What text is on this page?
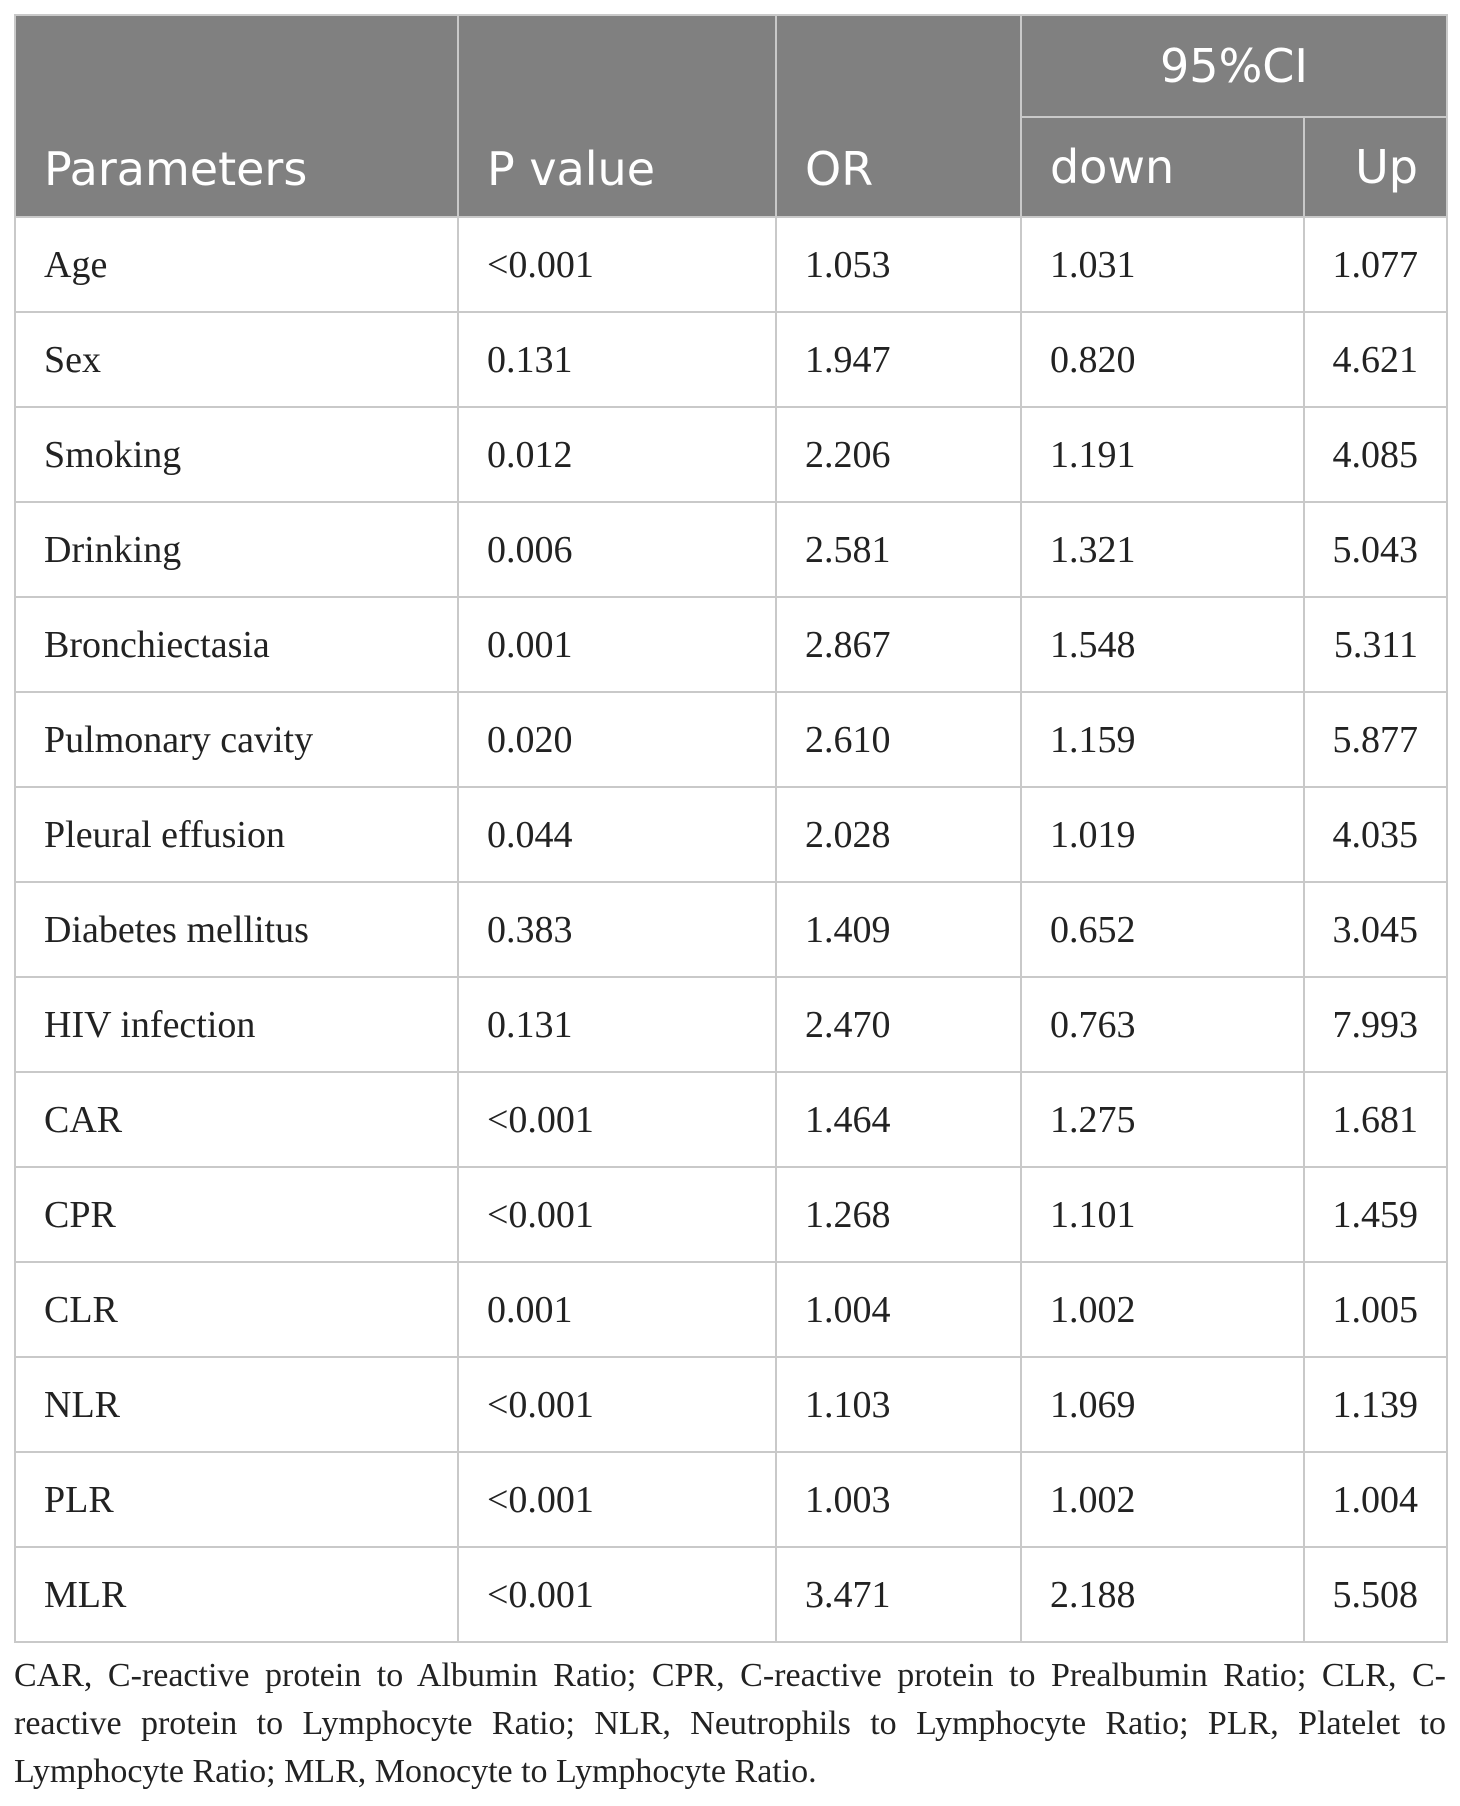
Parameters	P value	OR	95%CI	
			down	Up
Age	<0.001	1.053	1.031	1.077
Sex	0.131	1.947	0.820	4.621
Smoking	0.012	2.206	1.191	4.085
Drinking	0.006	2.581	1.321	5.043
Bronchiectasia	0.001	2.867	1.548	5.311
Pulmonary cavity	0.020	2.610	1.159	5.877
Pleural effusion	0.044	2.028	1.019	4.035
Diabetes mellitus	0.383	1.409	0.652	3.045
HIV infection	0.131	2.470	0.763	7.993
CAR	<0.001	1.464	1.275	1.681
CPR	<0.001	1.268	1.101	1.459
CLR	0.001	1.004	1.002	1.005
NLR	<0.001	1.103	1.069	1.139
PLR	<0.001	1.003	1.002	1.004
MLR	<0.001	3.471	2.188	5.508
CAR, C-reactive protein to Albumin Ratio; CPR, C-reactive protein to Prealbumin Ratio; CLR, C-reactive protein to Lymphocyte Ratio; NLR, Neutrophils to Lymphocyte Ratio; PLR, Platelet to Lymphocyte Ratio; MLR, Monocyte to Lymphocyte Ratio.
